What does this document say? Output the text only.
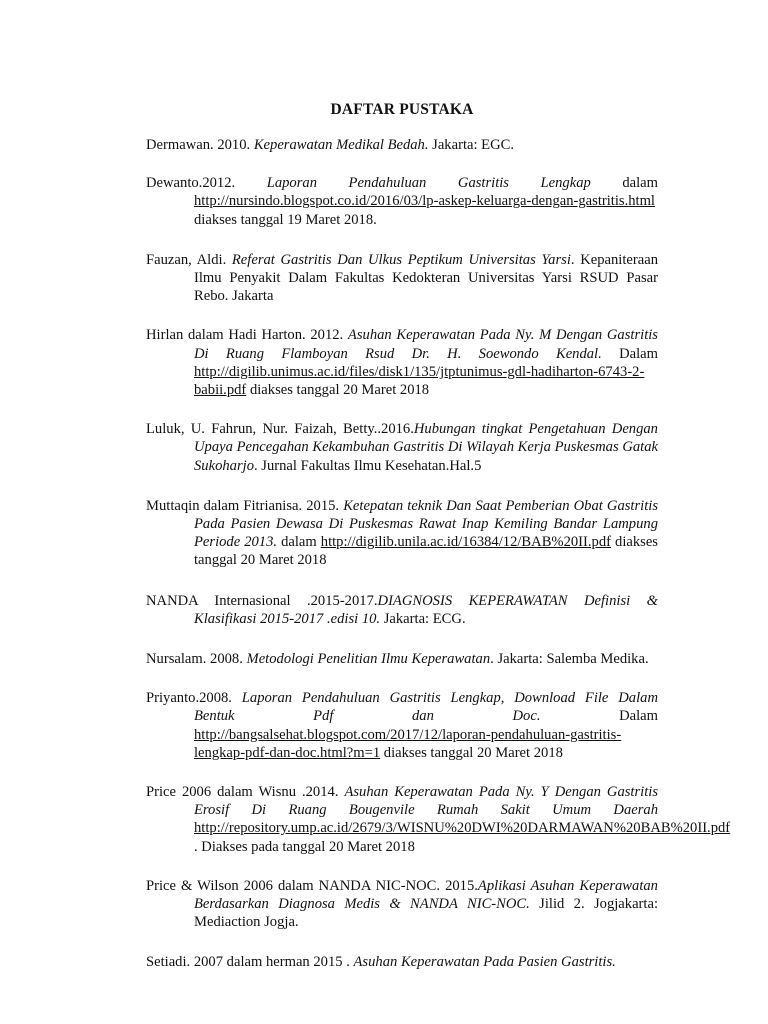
DAFTAR PUSTAKA

Dermawan. 2010. Keperawatan Medikal Bedah. Jakarta: EGC.

Dewanto.2012. Laporan Pendahuluan Gastritis Lengkap dalam http://nursindo.blogspot.co.id/2016/03/lp-askep-keluarga-dengan-gastritis.html diakses tanggal 19 Maret 2018.

Fauzan, Aldi. Referat Gastritis Dan Ulkus Peptikum Universitas Yarsi. Kepaniteraan Ilmu Penyakit Dalam Fakultas Kedokteran Universitas Yarsi RSUD Pasar Rebo. Jakarta

Hirlan dalam Hadi Harton. 2012. Asuhan Keperawatan Pada Ny. M Dengan Gastritis Di Ruang Flamboyan Rsud Dr. H. Soewondo Kendal. Dalam http://digilib.unimus.ac.id/files/disk1/135/jtptunimus-gdl-hadiharton-6743-2-babii.pdf diakses tanggal 20 Maret 2018

Luluk, U. Fahrun, Nur. Faizah, Betty..2016.Hubungan tingkat Pengetahuan Dengan Upaya Pencegahan Kekambuhan Gastritis Di Wilayah Kerja Puskesmas Gatak Sukoharjo. Jurnal Fakultas Ilmu Kesehatan.Hal.5

Muttaqin dalam Fitrianisa. 2015. Ketepatan teknik Dan Saat Pemberian Obat Gastritis Pada Pasien Dewasa Di Puskesmas Rawat Inap Kemiling Bandar Lampung Periode 2013. dalam http://digilib.unila.ac.id/16384/12/BAB%20II.pdf diakses tanggal 20 Maret 2018

NANDA Internasional .2015-2017.DIAGNOSIS KEPERAWATAN Definisi & Klasifikasi 2015-2017 .edisi 10. Jakarta: ECG.

Nursalam. 2008. Metodologi Penelitian Ilmu Keperawatan. Jakarta: Salemba Medika.

Priyanto.2008. Laporan Pendahuluan Gastritis Lengkap, Download File Dalam Bentuk Pdf dan Doc. Dalam http://bangsalsehat.blogspot.com/2017/12/laporan-pendahuluan-gastritis-lengkap-pdf-dan-doc.html?m=1 diakses tanggal 20 Maret 2018

Price 2006 dalam Wisnu .2014. Asuhan Keperawatan Pada Ny. Y Dengan Gastritis Erosif Di Ruang Bougenvile Rumah Sakit Umum Daerah http://repository.ump.ac.id/2679/3/WISNU%20DWI%20DARMAWAN%20BAB%20II.pdf . Diakses pada tanggal 20 Maret 2018

Price & Wilson 2006 dalam NANDA NIC-NOC. 2015.Aplikasi Asuhan Keperawatan Berdasarkan Diagnosa Medis & NANDA NIC-NOC. Jilid 2. Jogjakarta: Mediaction Jogja.

Setiadi. 2007 dalam herman 2015 . Asuhan Keperawatan Pada Pasien Gastritis.
